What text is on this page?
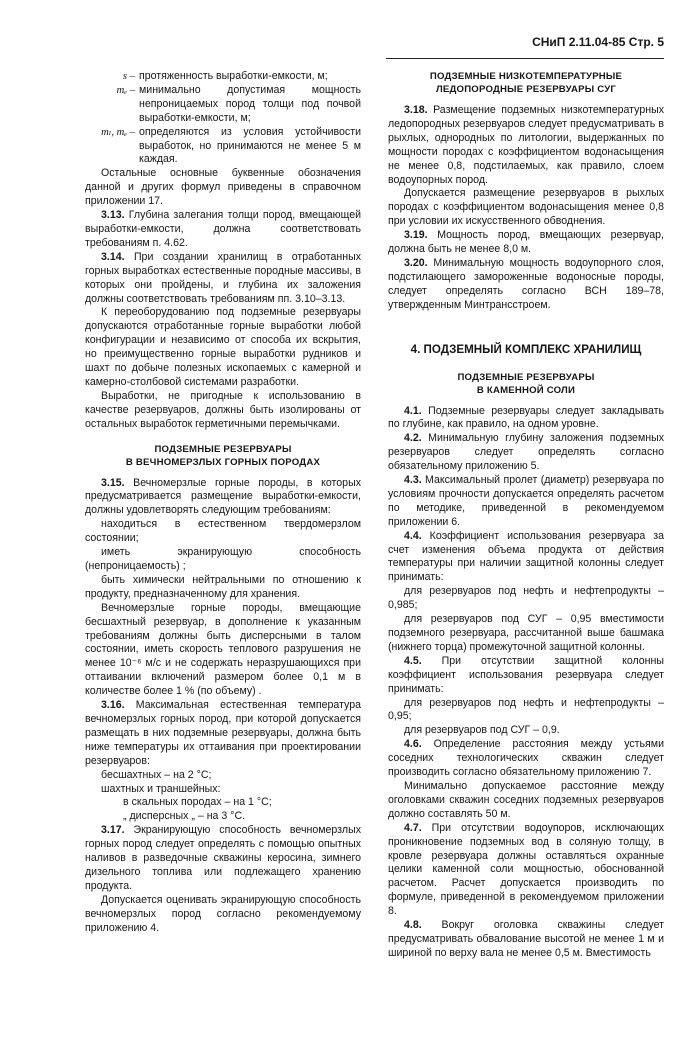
СНиП 2.11.04-85 Стр. 5
s – протяженность выработки-емкости, м;
mₑ – минимально допустимая мощность непроницаемых пород толщи под почвой выработки-емкости, м;
mₗ, mₑ – определяются из условия устойчивости выработок, но принимаются не менее 5 м каждая.

Остальные основные буквенные обозначения данной и других формул приведены в справочном приложении 17.

3.13. Глубина залегания толщи пород, вмещающей выработки-емкости, должна соответствовать требованиям п. 4.62.

3.14. При создании хранилищ в отработанных горных выработках естественные породные массивы, в которых они пройдены, и глубина их заложения должны соответствовать требованиям пп. 3.10–3.13.

К переоборудованию под подземные резервуары допускаются отработанные горные выработки любой конфигурации и независимо от способа их вскрытия, но преимущественно горные выработки рудников и шахт по добыче полезных ископаемых с камерной и камерно-столбовой системами разработки.

Выработки, не пригодные к использованию в качестве резервуаров, должны быть изолированы от остальных выработок герметичными перемычками.

ПОДЗЕМНЫЕ РЕЗЕРВУАРЫ
В ВЕЧНОМЕРЗЛЫХ ГОРНЫХ ПОРОДАХ

3.15. Вечномерзлые горные породы, в которых предусматривается размещение выработки-емкости, должны удовлетворять следующим требованиям:

находиться в естественном твердомерзлом состоянии;

иметь экранирующую способность (непроницаемость) ;

быть химически нейтральными по отношению к продукту, предназначенному для хранения.

Вечномерзлые горные породы, вмещающие бесшахтный резервуар, в дополнение к указанным требованиям должны быть дисперсными в талом состоянии, иметь скорость теплового разрушения не менее 10⁻⁶ м/с и не содержать неразрушающихся при оттаивании включений размером более 0,1 м в количестве более 1 % (по объему) .

3.16. Максимальная естественная температура вечномерзлых горных пород, при которой допускается размещать в них подземные резервуары, должна быть ниже температуры их оттаивания при проектировании резервуаров:

бесшахтных – на 2 °С;

шахтных и траншейных:

в скальных породах – на 1 °С;

„ дисперсных „ – на 3 °С.

3.17. Экранирующую способность вечномерзлых горных пород следует определять с помощью опытных наливов в разведочные скважины керосина, зимнего дизельного топлива или подлежащего хранению продукта.

Допускается оценивать экранирующую способность вечномерзлых пород согласно рекомендуемому приложению 4.

ПОДЗЕМНЫЕ НИЗКОТЕМПЕРАТУРНЫЕ
ЛЕДОПОРОДНЫЕ РЕЗЕРВУАРЫ СУГ

3.18. Размещение подземных низкотемпературных ледопородных резервуаров следует предусматривать в рыхлых, однородных по литологии, выдержанных по мощности породах с коэффициентом водонасыщения не менее 0,8, подстилаемых, как правило, слоем водоупорных пород.

Допускается размещение резервуаров в рыхлых породах с коэффициентом водонасыщения менее 0,8 при условии их искусственного обводнения.

3.19. Мощность пород, вмещающих резервуар, должна быть не менее 8,0 м.

3.20. Минимальную мощность водоупорного слоя, подстилающего замороженные водоносные породы, следует определять согласно ВСН 189–78, утвержденным Минтрансстроем.

4. ПОДЗЕМНЫЙ КОМПЛЕКС ХРАНИЛИЩ
ПОДЗЕМНЫЕ РЕЗЕРВУАРЫ
В КАМЕННОЙ СОЛИ

4.1. Подземные резервуары следует закладывать по глубине, как правило, на одном уровне.

4.2. Минимальную глубину заложения подземных резервуаров следует определять согласно обязательному приложению 5.

4.3. Максимальный пролет (диаметр) резервуара по условиям прочности допускается определять расчетом по методике, приведенной в рекомендуемом приложении 6.

4.4. Коэффициент использования резервуара за счет изменения объема продукта от действия температуры при наличии защитной колонны следует принимать:

для резервуаров под нефть и нефтепродукты – 0,985;

для резервуаров под СУГ – 0,95 вместимости подземного резервуара, рассчитанной выше башмака (нижнего торца) промежуточной защитной колонны.

4.5. При отсутствии защитной колонны коэффициент использования резервуара следует принимать:

для резервуаров под нефть и нефтепродукты – 0,95;

для резервуаров под СУГ – 0,9.

4.6. Определение расстояния между устьями соседних технологических скважин следует производить согласно обязательному приложению 7.

Минимально допускаемое расстояние между оголовками скважин соседних подземных резервуаров должно составлять 50 м.

4.7. При отсутствии водоупоров, исключающих проникновение подземных вод в соляную толщу, в кровле резервуара должны оставляться охранные целики каменной соли мощностью, обоснованной расчетом. Расчет допускается производить по формуле, приведенной в рекомендуемом приложении 8.

4.8. Вокруг оголовка скважины следует предусматривать обвалование высотой не менее 1 м и шириной по верху вала не менее 0,5 м. Вместимость
